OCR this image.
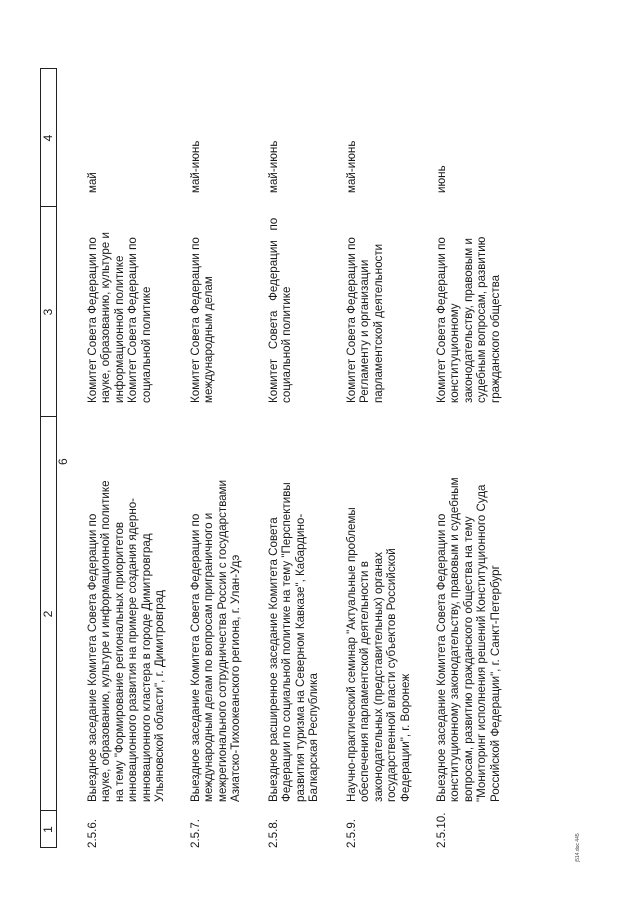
6
1
2
3
4
2.5.6.
Выездное заседание Комитета Совета Федерации по науке, образованию, культуре и информационной политике на тему "Формирование региональных приоритетов инновационного развития на примере создания ядерно- инновационного кластера в городе Димитровград Ульяновской области", г. Димитровград
Комитет Совета Федерации по науке, образованию, культуре и информационной политике Комитет Совета Федерации по социальной политике
май
2.5.7.
Выездное заседание Комитета Совета Федерации по международным делам по вопросам приграничного и межрегионального сотрудничества России с государствами Азиатско-Тихоокеанского региона, г. Улан-Удэ
Комитет Совета Федерации по международным делам
май-июнь
2.5.8.
Выездное расширенное заседание Комитета Совета Федерации по социальной политике на тему "Перспективы развития туризма на Северном Кавказе", Кабардино- Балкарская Республика
Комитет   Совета   Федерации   по социальной политике
май-июнь
2.5.9.
Научно-практический семинар "Актуальные проблемы обеспечения парламентской деятельности в законодательных (представительных) органах государственной власти субъектов Российской Федерации", г. Воронеж
Комитет Совета Федерации по Регламенту и организации парламентской деятельности
май-июнь
2.5.10.
Выездное заседание Комитета Совета Федерации по конституционному законодательству, правовым и судебным вопросам, развитию гражданского общества на тему "Мониторинг исполнения решений Конституционного Суда Российской Федерации", г. Санкт-Петербург
Комитет Совета Федерации по конституционному законодательству, правовым и судебным вопросам, развитию гражданского общества
июнь
j514.doc 445
